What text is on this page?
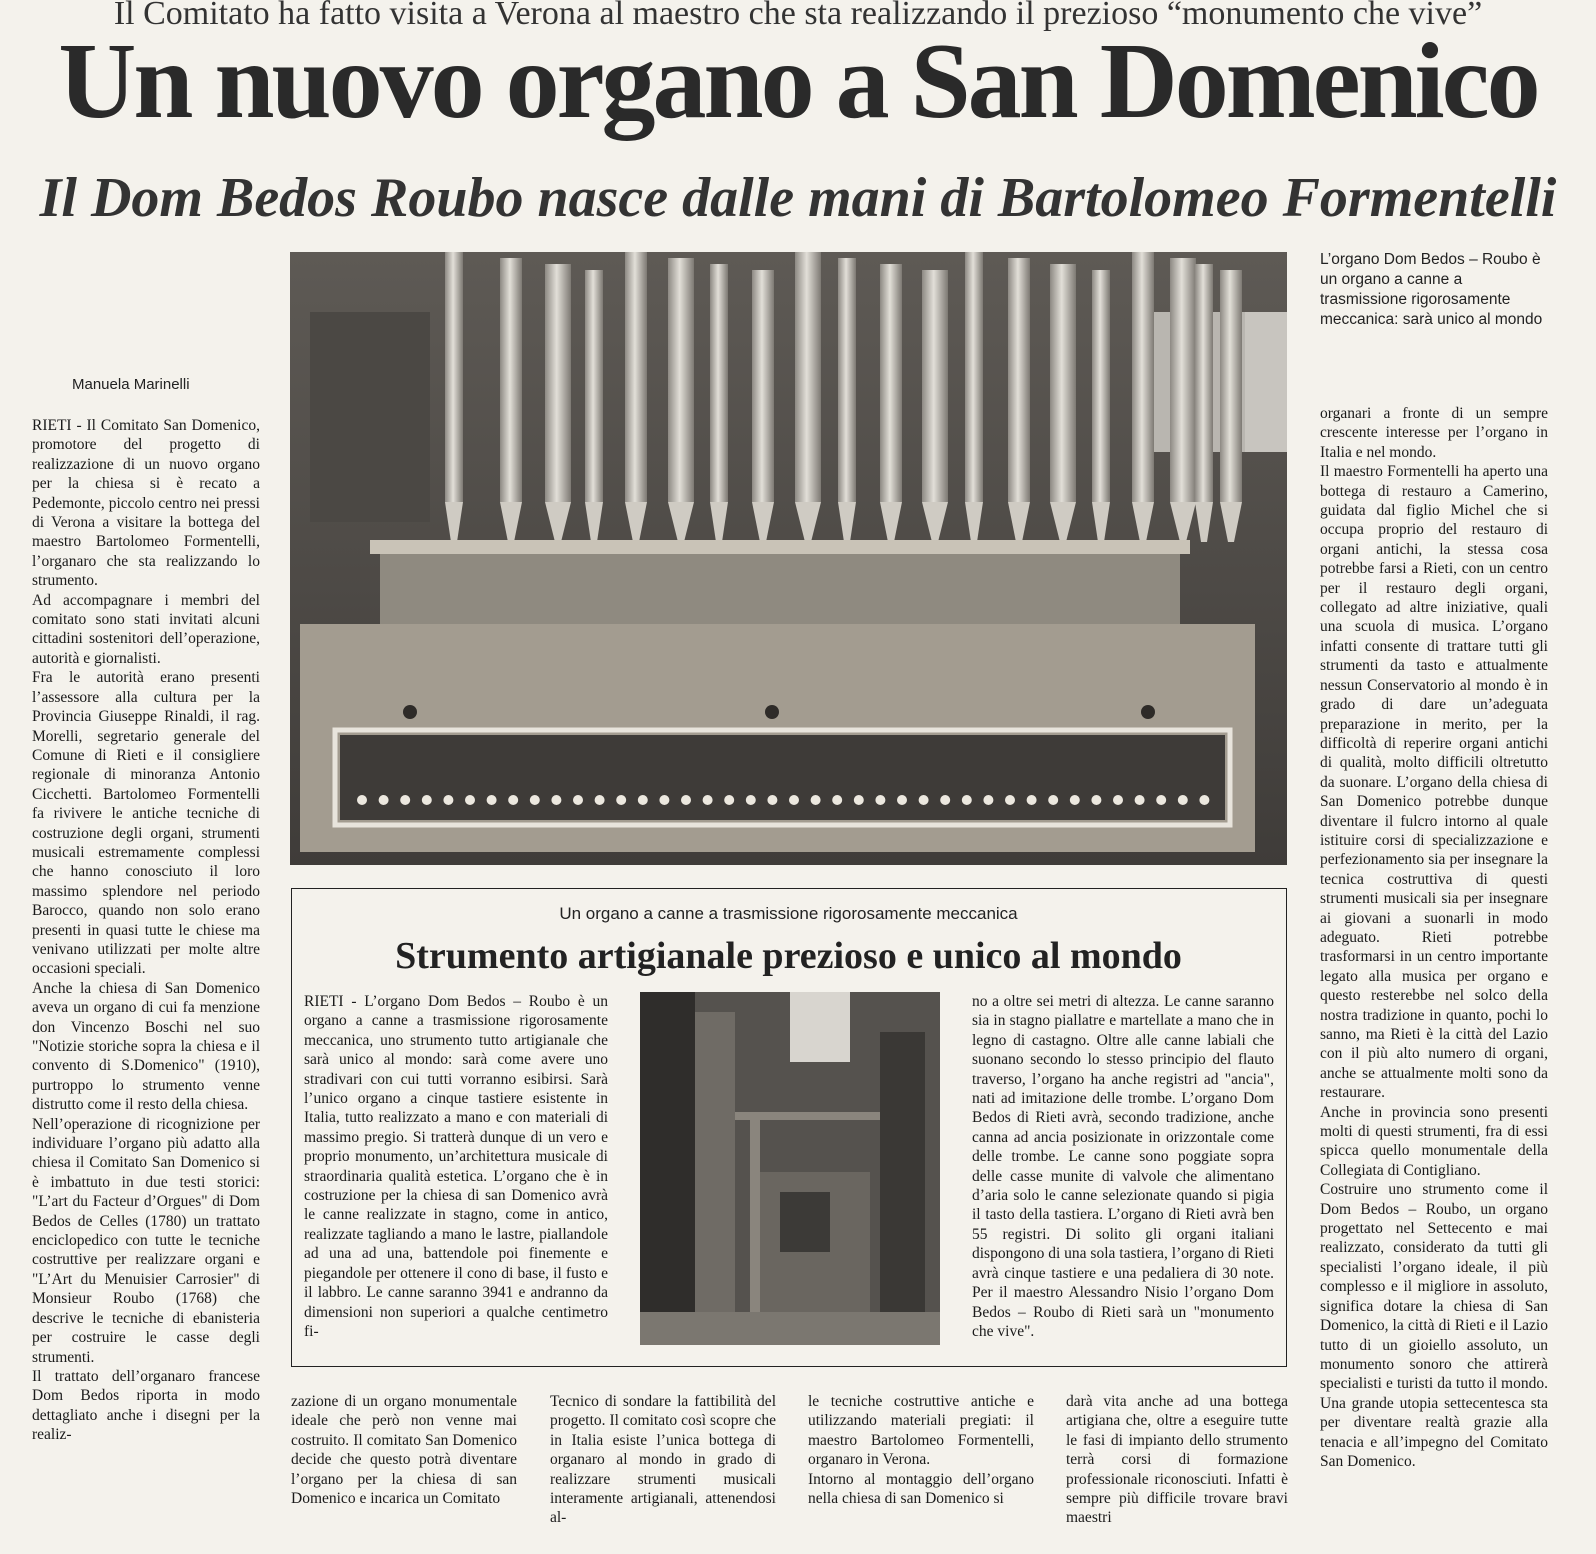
Il Comitato ha fatto visita a Verona al maestro che sta realizzando il prezioso “monumento che vive”
Un nuovo organo a San Domenico
Il Dom Bedos Roubo nasce dalle mani di Bartolomeo Formentelli
Manuela Marinelli

RIETI - Il Comitato San Domenico, promotore del progetto di realizzazione di un nuovo organo per la chiesa si è recato a Pedemonte, piccolo centro nei pressi di Verona a visitare la bottega del maestro Bartolomeo Formentelli, l’organaro che sta realizzando lo strumento.

Ad accompagnare i membri del comitato sono stati invitati alcuni cittadini sostenitori dell’operazione, autorità e giornalisti.

Fra le autorità erano presenti l’assessore alla cultura per la Provincia Giuseppe Rinaldi, il rag. Morelli, segretario generale del Comune di Rieti e il consigliere regionale di minoranza Antonio Cicchetti. Bartolomeo Formentelli fa rivivere le antiche tecniche di costruzione degli organi, strumenti musicali estremamente complessi che hanno conosciuto il loro massimo splendore nel periodo Barocco, quando non solo erano presenti in quasi tutte le chiese ma venivano utilizzati per molte altre occasioni speciali.

Anche la chiesa di San Domenico aveva un organo di cui fa menzione don Vincenzo Boschi nel suo "Notizie storiche sopra la chiesa e il convento di S.Domenico" (1910), purtroppo lo strumento venne distrutto come il resto della chiesa.

Nell’operazione di ricognizione per individuare l’organo più adatto alla chiesa il Comitato San Domenico si è imbattuto in due testi storici: "L’art du Facteur d’Orgues" di Dom Bedos de Celles (1780) un trattato enciclopedico con tutte le tecniche costruttive per realizzare organi e "L’Art du Menuisier Carrosier" di Monsieur Roubo (1768) che descrive le tecniche di ebanisteria per costruire le casse degli strumenti.

Il trattato dell’organaro francese Dom Bedos riporta in modo dettagliato anche i disegni per la realiz-

L’organo Dom Bedos – Roubo è un organo a canne a trasmissione rigorosamente meccanica: sarà unico al mondo

organari a fronte di un sempre crescente interesse per l’organo in Italia e nel mondo.

Il maestro Formentelli ha aperto una bottega di restauro a Camerino, guidata dal figlio Michel che si occupa proprio del restauro di organi antichi, la stessa cosa potrebbe farsi a Rieti, con un centro per il restauro degli organi, collegato ad altre iniziative, quali una scuola di musica. L’organo infatti consente di trattare tutti gli strumenti da tasto e attualmente nessun Conservatorio al mondo è in grado di dare un’adeguata preparazione in merito, per la difficoltà di reperire organi antichi di qualità, molto difficili oltretutto da suonare. L’organo della chiesa di San Domenico potrebbe dunque diventare il fulcro intorno al quale istituire corsi di specializzazione e perfezionamento sia per insegnare la tecnica costruttiva di questi strumenti musicali sia per insegnare ai giovani a suonarli in modo adeguato. Rieti potrebbe trasformarsi in un centro importante legato alla musica per organo e questo resterebbe nel solco della nostra tradizione in quanto, pochi lo sanno, ma Rieti è la città del Lazio con il più alto numero di organi, anche se attualmente molti sono da restaurare.

Anche in provincia sono presenti molti di questi strumenti, fra di essi spicca quello monumentale della Collegiata di Contigliano.

Costruire uno strumento come il Dom Bedos – Roubo, un organo progettato nel Settecento e mai realizzato, considerato da tutti gli specialisti l’organo ideale, il più complesso e il migliore in assoluto, significa dotare la chiesa di San Domenico, la città di Rieti e il Lazio tutto di un gioiello assoluto, un monumento sonoro che attirerà specialisti e turisti da tutto il mondo. Una grande utopia settecentesca sta per diventare realtà grazie alla tenacia e all’impegno del Comitato San Domenico.

Un organo a canne a trasmissione rigorosamente meccanica
Strumento artigianale prezioso e unico al mondo
RIETI - L’organo Dom Bedos – Roubo è un organo a canne a trasmissione rigorosamente meccanica, uno strumento tutto artigianale che sarà unico al mondo: sarà come avere uno stradivari con cui tutti vorranno esibirsi. Sarà l’unico organo a cinque tastiere esistente in Italia, tutto realizzato a mano e con materiali di massimo pregio. Si tratterà dunque di un vero e proprio monumento, un’architettura musicale di straordinaria qualità estetica. L’organo che è in costruzione per la chiesa di san Domenico avrà le canne realizzate in stagno, come in antico, realizzate tagliando a mano le lastre, piallandole ad una ad una, battendole poi finemente e piegandole per ottenere il cono di base, il fusto e il labbro. Le canne saranno 3941 e andranno da dimensioni non superiori a qualche centimetro fi-
no a oltre sei metri di altezza. Le canne saranno sia in stagno piallatre e martellate a mano che in legno di castagno. Oltre alle canne labiali che suonano secondo lo stesso principio del flauto traverso, l’organo ha anche registri ad "ancia", nati ad imitazione delle trombe. L’organo Dom Bedos di Rieti avrà, secondo tradizione, anche canna ad ancia posizionate in orizzontale come delle trombe. Le canne sono poggiate sopra delle casse munite di valvole che alimentano d’aria solo le canne selezionate quando si pigia il tasto della tastiera. L’organo di Rieti avrà ben 55 registri. Di solito gli organi italiani dispongono di una sola tastiera, l’organo di Rieti avrà cinque tastiere e una pedaliera di 30 note. Per il maestro Alessandro Nisio l’organo Dom Bedos – Roubo di Rieti sarà un "monumento che vive".
zazione di un organo monumentale ideale che però non venne mai costruito. Il comitato San Domenico decide che questo potrà diventare l’organo per la chiesa di san Domenico e incarica un Comitato
Tecnico di sondare la fattibilità del progetto. Il comitato così scopre che in Italia esiste l’unica bottega di organaro al mondo in grado di realizzare strumenti musicali interamente artigianali, attenendosi al-
le tecniche costruttive antiche e utilizzando materiali pregiati: il maestro Bartolomeo Formentelli, organaro in Verona.
Intorno al montaggio dell’organo nella chiesa di san Domenico si
darà vita anche ad una bottega artigiana che, oltre a eseguire tutte le fasi di impianto dello strumento terrà corsi di formazione professionale riconosciuti. Infatti è sempre più difficile trovare bravi maestri
